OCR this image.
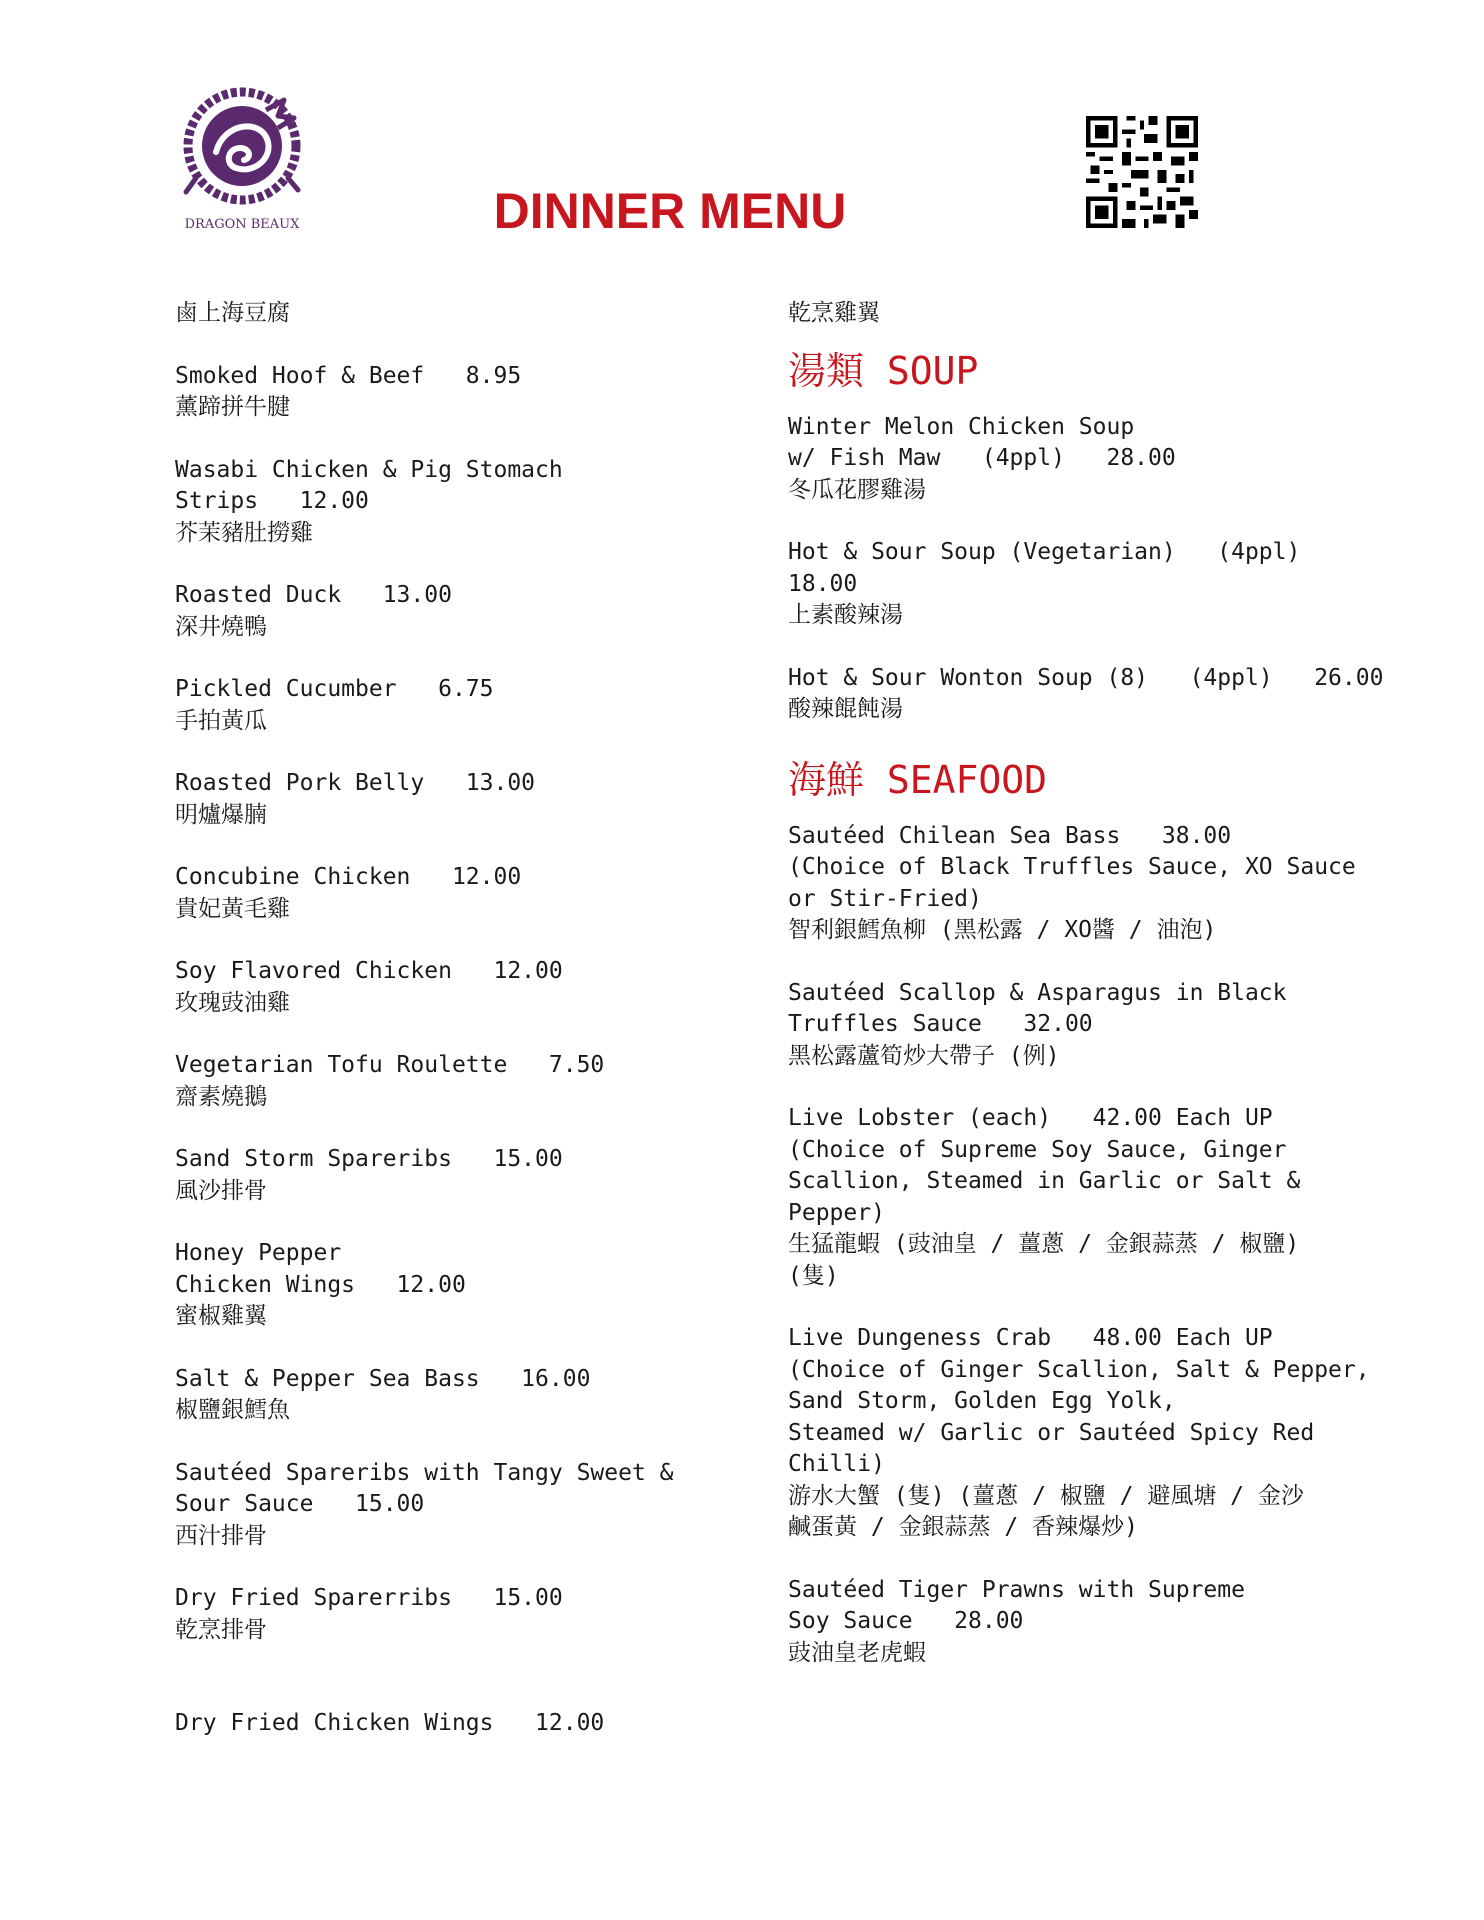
DRAGON BEAUX	DINNER MENU
鹵上海豆腐
Smoked Hoof & Beef   8.95
薰蹄拼牛腱
Wasabi Chicken & Pig Stomach
Strips   12.00
芥茉豬肚撈雞
Roasted Duck   13.00
深井燒鴨
Pickled Cucumber   6.75
手拍黃瓜
Roasted Pork Belly   13.00
明爐爆腩
Concubine Chicken   12.00
貴妃黃毛雞
Soy Flavored Chicken   12.00
玫瑰豉油雞
Vegetarian Tofu Roulette   7.50
齋素燒鵝
Sand Storm Spareribs   15.00
風沙排骨
Honey Pepper
Chicken Wings   12.00
蜜椒雞翼
Salt & Pepper Sea Bass   16.00
椒鹽銀鱈魚
Sautéed Spareribs with Tangy Sweet &
Sour Sauce   15.00
西汁排骨
Dry Fried Sparerribs   15.00
乾烹排骨
Dry Fried Chicken Wings   12.00
乾烹雞翼
湯類 SOUP
Winter Melon Chicken Soup
w/ Fish Maw   (4ppl)   28.00
冬瓜花膠雞湯
Hot & Sour Soup (Vegetarian)   (4ppl)
18.00
上素酸辣湯
Hot & Sour Wonton Soup (8)   (4ppl)   26.00
酸辣餛飩湯
海鮮 SEAFOOD
Sautéed Chilean Sea Bass   38.00
(Choice of Black Truffles Sauce, XO Sauce
or Stir-Fried)
智利銀鱈魚柳 (黑松露 / XO醬 / 油泡)
Sautéed Scallop & Asparagus in Black
Truffles Sauce   32.00
黑松露蘆筍炒大帶子 (例)
Live Lobster (each)   42.00 Each UP
(Choice of Supreme Soy Sauce, Ginger
Scallion, Steamed in Garlic or Salt &
Pepper)
生猛龍蝦 (豉油皇 / 薑蔥 / 金銀蒜蒸 / 椒鹽)
(隻)
Live Dungeness Crab   48.00 Each UP
(Choice of Ginger Scallion, Salt & Pepper,
Sand Storm, Golden Egg Yolk,
Steamed w/ Garlic or Sautéed Spicy Red
Chilli)
游水大蟹 (隻) (薑蔥 / 椒鹽 / 避風塘 / 金沙
鹹蛋黃 / 金銀蒜蒸 / 香辣爆炒)
Sautéed Tiger Prawns with Supreme
Soy Sauce   28.00
豉油皇老虎蝦
